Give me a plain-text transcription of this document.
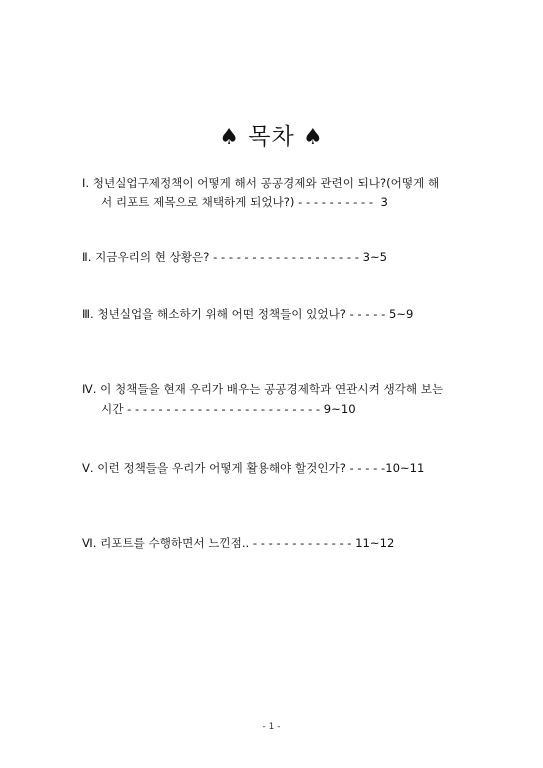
♠ 목차 ♠
Ⅰ. 청년실업구제정책이 어떻게 해서 공공경제와 관련이 되나?(어떻게 해
서 리포트 제목으로 채택하게 되었나?) - - - - - - - - - -  3
Ⅱ. 지금우리의 현 상황은? - - - - - - - - - - - - - - - - - - - 3~5
Ⅲ. 청년실업을 해소하기 위해 어떤 정책들이 있었나? - - - - - 5~9
Ⅳ. 이 청책들을 현재 우리가 배우는 공공경제학과 연관시켜 생각해 보는
시간 - - - - - - - - - - - - - - - - - - - - - - - - - 9~10
Ⅴ. 이런 정책들을 우리가 어떻게 활용해야 할것인가? - - - - -10~11
Ⅵ. 리포트를 수행하면서 느낀점.. - - - - - - - - - - - - - 11~12
- 1 -
